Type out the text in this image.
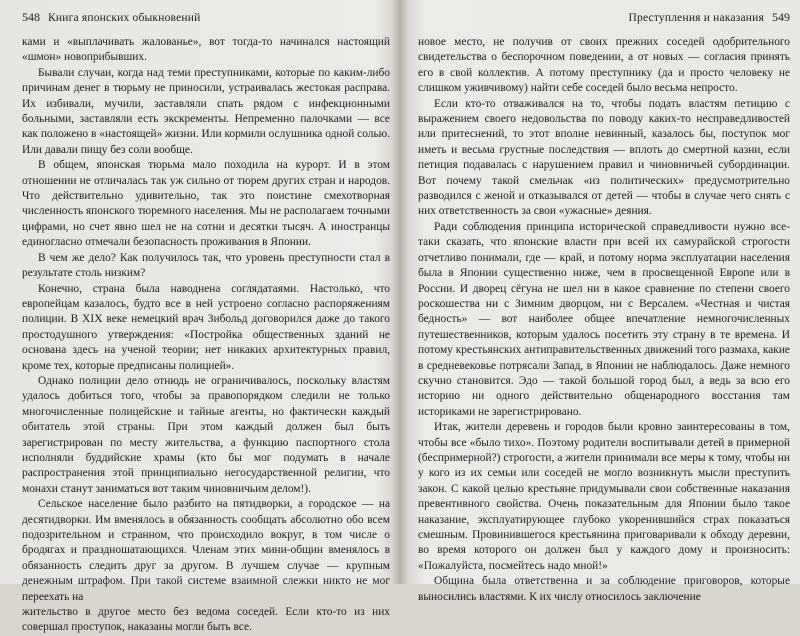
548 Книга японских обыкновений

ками и «выплачивать жалованье», вот тогда-то начинался настоящий «шмон» новоприбывших.

Бывали случаи, когда над теми преступниками, которые по каким-либо причинам денег в тюрьму не приносили, устраивалась жестокая расправа. Их избивали, мучили, заставляли спать рядом с инфекционными больными, заставляли есть экскременты. Непременно палочками — все как положено в «настоящей» жизни. Или кормили ослушника одной солью. Или давали пищу без соли вообще.

В общем, японская тюрьма мало походила на курорт. И в этом отношении не отличалась так уж сильно от тюрем других стран и народов. Что действительно удивительно, так это поистине смехотворная численность японского тюремного населения. Мы не располагаем точными цифрами, но счет явно шел не на сотни и десятки тысяч. А иностранцы единогласно отмечали безопасность проживания в Японии.

В чем же дело? Как получилось так, что уровень преступности стал в результате столь низким?

Конечно, страна была наводнена соглядатаями. Настолько, что европейцам казалось, будто все в ней устроено согласно распоряжениям полиции. В XIX веке немецкий врач Зибольд договорился даже до такого простодушного утверждения: «Постройка общественных зданий не основана здесь на ученой теории; нет никаких архитектурных правил, кроме тех, которые предписаны полицией».

Однако полиции дело отнюдь не ограничивалось, поскольку властям удалось добиться того, чтобы за правопорядком следили не только многочисленные полицейские и тайные агенты, но фактически каждый обитатель этой страны. При этом каждый должен был быть зарегистрирован по месту жительства, а функцию паспортного стола исполняли буддийские храмы (кто бы мог подумать в начале распространения этой принципиально негосударственной религии, что монахи станут заниматься вот таким чиновничьим делом!).

Сельское население было разбито на пятидворки, а городское — на десятидворки. Им вменялось в обязанность сообщать абсолютно обо всем подозрительном и странном, что происходило вокруг, в том числе о бродягах и праздношатающихся. Членам этих мини-общин вменялось в обязанность следить друг за другом. В лучшем случае — крупным денежным штрафом. При такой системе взаимной слежки никто не мог переехать на

жительство в другое место без ведома соседей. Если кто-то из них совершал проступок, наказаны могли быть все.

Преступления и наказания 549

новое место, не получив от своих прежних соседей одобрительного свидетельства о беспорочном поведении, а от новых — согласия принять его в свой коллектив. А потому преступнику (да и просто человеку не слишком уживчивому) найти себе соседей было весьма непросто.

Если кто-то отваживался на то, чтобы подать властям петицию с выражением своего недовольства по поводу каких-то несправедливостей или притеснений, то этот вполне невинный, казалось бы, поступок мог иметь и весьма грустные последствия — вплоть до смертной казни, если петиция подавалась с нарушением правил и чиновничьей субординации. Вот почему такой смельчак «из политических» предусмотрительно разводился с женой и отказывался от детей — чтобы в случае чего снять с них ответственность за свои «ужасные» деяния.

Ради соблюдения принципа исторической справедливости нужно все-таки сказать, что японские власти при всей их самурайской строгости отчетливо понимали, где — край, и потому норма эксплуатации населения была в Японии существенно ниже, чем в просвещенной Европе или в России. И дворец сёгуна не шел ни в какое сравнение по степени своего роскошества ни с Зимним дворцом, ни с Версалем. «Честная и чистая бедность» — вот наиболее общее впечатление немногочисленных путешественников, которым удалось посетить эту страну в те времена. И потому крестьянских антиправительственных движений того размаха, какие в средневековье потрясали Запад, в Японии не наблюдалось. Даже немного скучно становится. Эдо — такой большой город был, а ведь за всю его историю ни одного действительно общенародного восстания там историками не зарегистрировано.

Итак, жители деревень и городов были кровно заинтересованы в том, чтобы все «было тихо». Поэтому родители воспитывали детей в примерной (беспримерной?) строгости, а жители принимали все меры к тому, чтобы ни у кого из их семьи или соседей не могло возникнуть мысли преступить закон. С какой целью крестьяне придумывали свои собственные наказания превентивного свойства. Очень показательным для Японии было такое наказание, эксплуатирующее глубоко укоренившийся страх показаться смешным. Провинившегося крестьянина приговаривали к обходу деревни, во время которого он должен был у каждого дому и произносить: «Пожалуйста, посмейтесь надо мной!»

Община была ответственна и за соблюдение приговоров, которые выносились властями. К их числу относилось заключение
